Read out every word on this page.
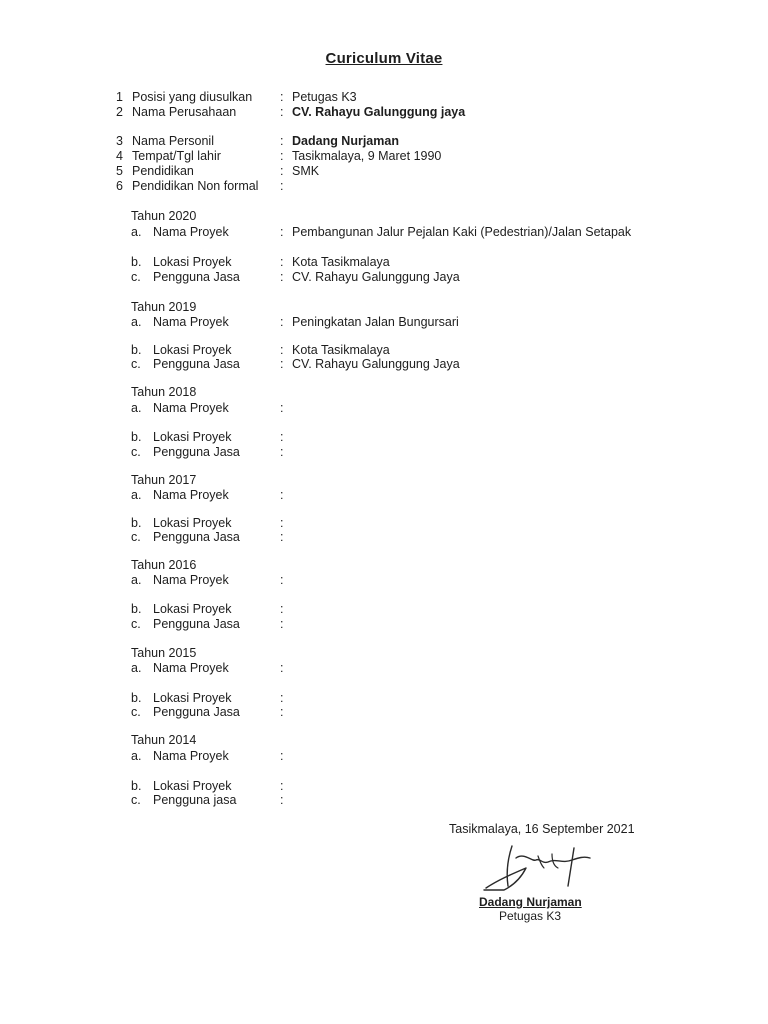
Curiculum Vitae
1 Posisi yang diusulkan : Petugas K3
2 Nama Perusahaan	: CV. Rahayu Galunggung jaya
3 Nama Personil	: Dadang Nurjaman
4 Tempat/Tgl lahir	: Tasikmalaya, 9 Maret 1990
5 Pendidikan	: SMK
6 Pendidikan Non formal :
Tahun 2020
a. Nama Proyek	: Pembangunan Jalur Pejalan Kaki (Pedestrian)/Jalan Setapak
b. Lokasi Proyek	: Kota Tasikmalaya
c. Pengguna Jasa	: CV. Rahayu Galunggung Jaya
Tahun 2019
a. Nama Proyek	: Peningkatan Jalan Bungursari
b. Lokasi Proyek	: Kota Tasikmalaya
c. Pengguna Jasa	: CV. Rahayu Galunggung Jaya
Tahun 2018
a. Nama Proyek	:
b. Lokasi Proyek	:
c. Pengguna Jasa	:
Tahun 2017
a. Nama Proyek	:
b. Lokasi Proyek	:
c. Pengguna Jasa	:
Tahun 2016
a. Nama Proyek	:
b. Lokasi Proyek	:
c. Pengguna Jasa	:
Tahun 2015
a. Nama Proyek	:
b. Lokasi Proyek	:
c. Pengguna Jasa	:
Tahun 2014
a. Nama Proyek	:
b. Lokasi Proyek	:
c. Pengguna jasa	:
Tasikmalaya, 16 September 2021
Dadang Nurjaman
Petugas K3
